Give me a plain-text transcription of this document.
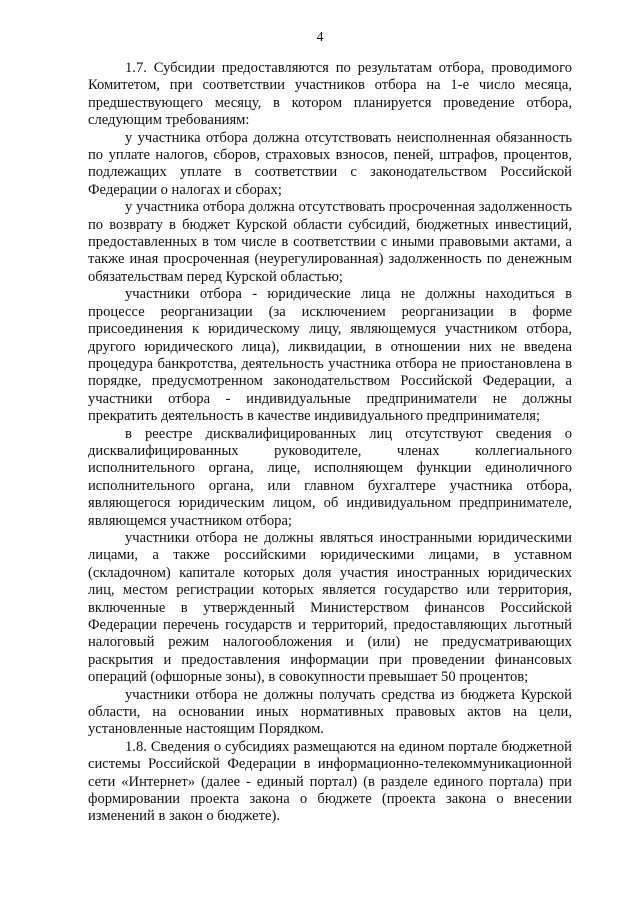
4

1.7. Субсидии предоставляются по результатам отбора, проводимого Комитетом, при соответствии участников отбора на 1-е число месяца, предшествующего месяцу, в котором планируется проведение отбора, следующим требованиям:

у участника отбора должна отсутствовать неисполненная обязанность по уплате налогов, сборов, страховых взносов, пеней, штрафов, процентов, подлежащих уплате в соответствии с законодательством Российской Федерации о налогах и сборах;

у участника отбора должна отсутствовать просроченная задолженность по возврату в бюджет Курской области субсидий, бюджетных инвестиций, предоставленных в том числе в соответствии с иными правовыми актами, а также иная просроченная (неурегулированная) задолженность по денежным обязательствам перед Курской областью;

участники отбора - юридические лица не должны находиться в процессе реорганизации (за исключением реорганизации в форме присоединения к юридическому лицу, являющемуся участником отбора, другого юридического лица), ликвидации, в отношении них не введена процедура банкротства, деятельность участника отбора не приостановлена в порядке, предусмотренном законодательством Российской Федерации, а участники отбора - индивидуальные предприниматели не должны прекратить деятельность в качестве индивидуального предпринимателя;

в реестре дисквалифицированных лиц отсутствуют сведения о дисквалифицированных руководителе, членах коллегиального исполнительного органа, лице, исполняющем функции единоличного исполнительного органа, или главном бухгалтере участника отбора, являющегося юридическим лицом, об индивидуальном предпринимателе, являющемся участником отбора;

участники отбора не должны являться иностранными юридическими лицами, а также российскими юридическими лицами, в уставном (складочном) капитале которых доля участия иностранных юридических лиц, местом регистрации которых является государство или территория, включенные в утвержденный Министерством финансов Российской Федерации перечень государств и территорий, предоставляющих льготный налоговый режим налогообложения и (или) не предусматривающих раскрытия и предоставления информации при проведении финансовых операций (офшорные зоны), в совокупности превышает 50 процентов;

участники отбора не должны получать средства из бюджета Курской области, на основании иных нормативных правовых актов на цели, установленные настоящим Порядком.

1.8. Сведения о субсидиях размещаются на едином портале бюджетной системы Российской Федерации в информационно-телекоммуникационной сети «Интернет» (далее - единый портал) (в разделе единого портала) при формировании проекта закона о бюджете (проекта закона о внесении изменений в закон о бюджете).
